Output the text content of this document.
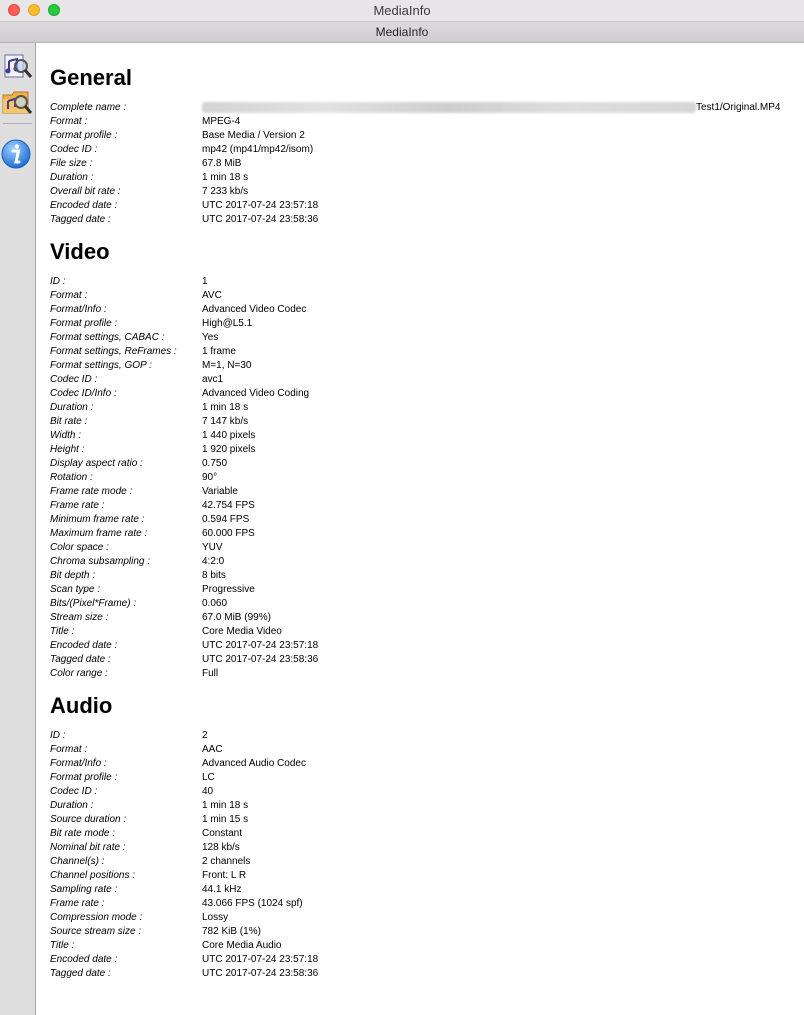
MediaInfo
MediaInfo
General
Complete name :	Test1/Original.MP4
Format :	MPEG-4
Format profile :	Base Media / Version 2
Codec ID :	mp42 (mp41/mp42/isom)
File size :	67.8 MiB
Duration :	1 min 18 s
Overall bit rate :	7 233 kb/s
Encoded date :	UTC 2017-07-24 23:57:18
Tagged date :	UTC 2017-07-24 23:58:36
Video
ID :	1
Format :	AVC
Format/Info :	Advanced Video Codec
Format profile :	High@L5.1
Format settings, CABAC :	Yes
Format settings, ReFrames :	1 frame
Format settings, GOP :	M=1, N=30
Codec ID :	avc1
Codec ID/Info :	Advanced Video Coding
Duration :	1 min 18 s
Bit rate :	7 147 kb/s
Width :	1 440 pixels
Height :	1 920 pixels
Display aspect ratio :	0.750
Rotation :	90°
Frame rate mode :	Variable
Frame rate :	42.754 FPS
Minimum frame rate :	0.594 FPS
Maximum frame rate :	60.000 FPS
Color space :	YUV
Chroma subsampling :	4:2:0
Bit depth :	8 bits
Scan type :	Progressive
Bits/(Pixel*Frame) :	0.060
Stream size :	67.0 MiB (99%)
Title :	Core Media Video
Encoded date :	UTC 2017-07-24 23:57:18
Tagged date :	UTC 2017-07-24 23:58:36
Color range :	Full
Audio
ID :	2
Format :	AAC
Format/Info :	Advanced Audio Codec
Format profile :	LC
Codec ID :	40
Duration :	1 min 18 s
Source duration :	1 min 15 s
Bit rate mode :	Constant
Nominal bit rate :	128 kb/s
Channel(s) :	2 channels
Channel positions :	Front: L R
Sampling rate :	44.1 kHz
Frame rate :	43.066 FPS (1024 spf)
Compression mode :	Lossy
Source stream size :	782 KiB (1%)
Title :	Core Media Audio
Encoded date :	UTC 2017-07-24 23:57:18
Tagged date :	UTC 2017-07-24 23:58:36
